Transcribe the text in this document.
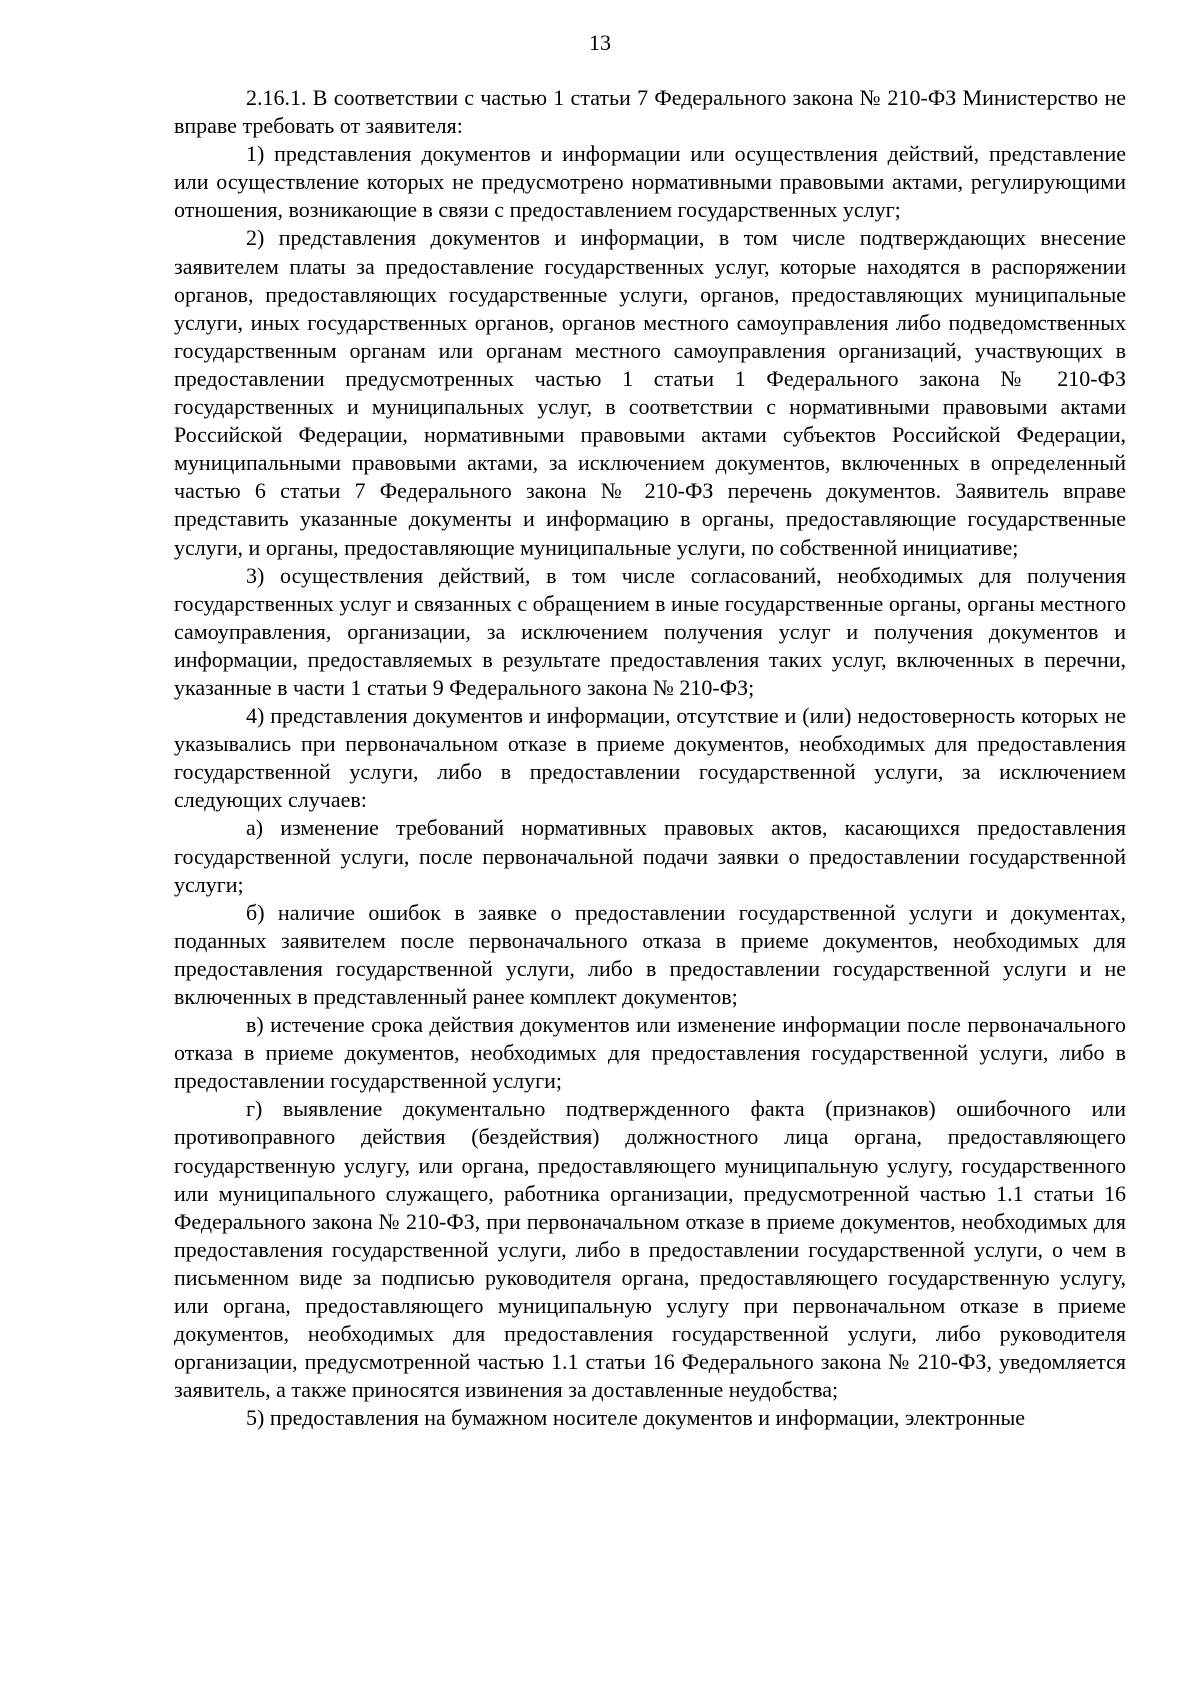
13

2.16.1. В соответствии с частью 1 статьи 7 Федерального закона № 210-ФЗ Министерство не вправе требовать от заявителя:

1) представления документов и информации или осуществления действий, представление или осуществление которых не предусмотрено нормативными правовыми актами, регулирующими отношения, возникающие в связи с предоставлением государственных услуг;

2) представления документов и информации, в том числе подтверждающих внесение заявителем платы за предоставление государственных услуг, которые находятся в распоряжении органов, предоставляющих государственные услуги, органов, предоставляющих муниципальные услуги, иных государственных органов, органов местного самоуправления либо подведомственных государственным органам или органам местного самоуправления организаций, участвующих в предоставлении предусмотренных частью 1 статьи 1 Федерального закона № 210-ФЗ государственных и муниципальных услуг, в соответствии с нормативными правовыми актами Российской Федерации, нормативными правовыми актами субъектов Российской Федерации, муниципальными правовыми актами, за исключением документов, включенных в определенный частью 6 статьи 7 Федерального закона № 210-ФЗ перечень документов. Заявитель вправе представить указанные документы и информацию в органы, предоставляющие государственные услуги, и органы, предоставляющие муниципальные услуги, по собственной инициативе;

3) осуществления действий, в том числе согласований, необходимых для получения государственных услуг и связанных с обращением в иные государственные органы, органы местного самоуправления, организации, за исключением получения услуг и получения документов и информации, предоставляемых в результате предоставления таких услуг, включенных в перечни, указанные в части 1 статьи 9 Федерального закона № 210-ФЗ;

4) представления документов и информации, отсутствие и (или) недостоверность которых не указывались при первоначальном отказе в приеме документов, необходимых для предоставления государственной услуги, либо в предоставлении государственной услуги, за исключением следующих случаев:

а) изменение требований нормативных правовых актов, касающихся предоставления государственной услуги, после первоначальной подачи заявки о предоставлении государственной услуги;

б) наличие ошибок в заявке о предоставлении государственной услуги и документах, поданных заявителем после первоначального отказа в приеме документов, необходимых для предоставления государственной услуги, либо в предоставлении государственной услуги и не включенных в представленный ранее комплект документов;

в) истечение срока действия документов или изменение информации после первоначального отказа в приеме документов, необходимых для предоставления государственной услуги, либо в предоставлении государственной услуги;

г) выявление документально подтвержденного факта (признаков) ошибочного или противоправного действия (бездействия) должностного лица органа, предоставляющего государственную услугу, или органа, предоставляющего муниципальную услугу, государственного или муниципального служащего, работника организации, предусмотренной частью 1.1 статьи 16 Федерального закона № 210-ФЗ, при первоначальном отказе в приеме документов, необходимых для предоставления государственной услуги, либо в предоставлении государственной услуги, о чем в письменном виде за подписью руководителя органа, предоставляющего государственную услугу, или органа, предоставляющего муниципальную услугу при первоначальном отказе в приеме документов, необходимых для предоставления государственной услуги, либо руководителя организации, предусмотренной частью 1.1 статьи 16 Федерального закона № 210-ФЗ, уведомляется заявитель, а также приносятся извинения за доставленные неудобства;

5) предоставления на бумажном носителе документов и информации, электронные
